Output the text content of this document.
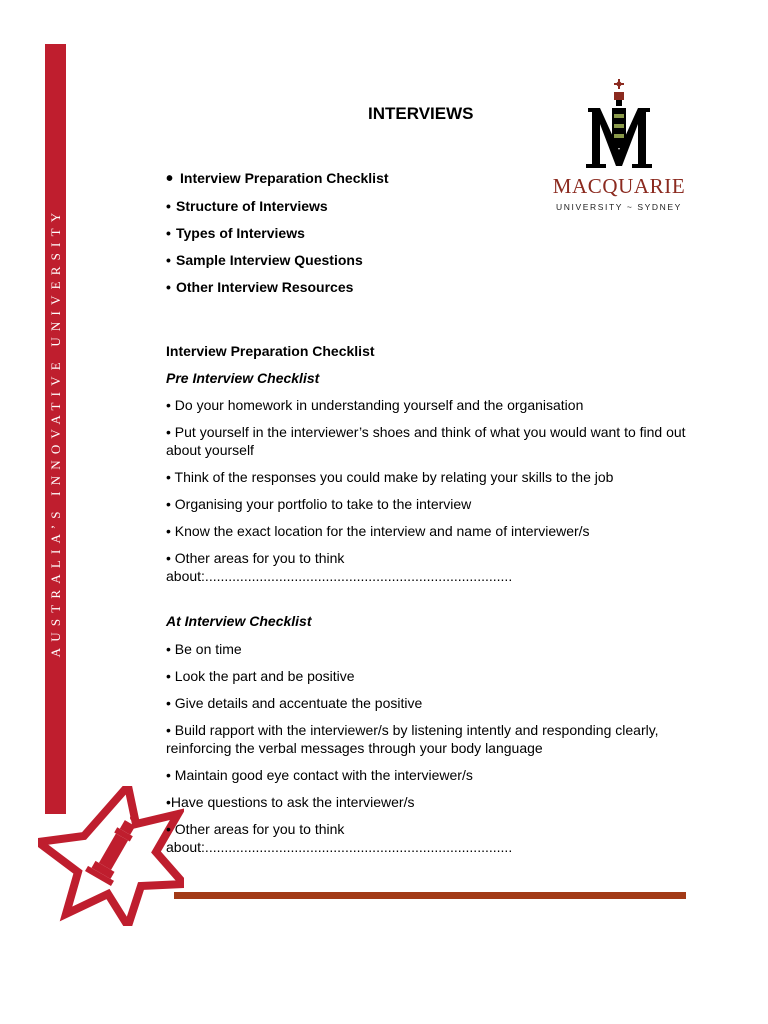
AUSTRALIA’S INNOVATIVE UNIVERSITY
MACQUARIE
UNIVERSITY ~ SYDNEY
INTERVIEWS
• Interview Preparation Checklist
• Structure of Interviews
• Types of Interviews
• Sample Interview Questions
• Other Interview Resources
Interview Preparation Checklist
Pre Interview Checklist
• Do your homework in understanding yourself and the organisation
• Put yourself in the interviewer’s shoes and think of what you would want to find out about yourself
• Think of the responses you could make by relating your skills to the job
• Organising your portfolio to take to the interview
• Know the exact location for the interview and name of interviewer/s
• Other areas for you to think about:...............................................................................
At Interview Checklist
• Be on time
• Look the part and be positive
• Give details and accentuate the positive
• Build rapport with the interviewer/s by listening intently and responding clearly, reinforcing the verbal messages through your body language
• Maintain good eye contact with the interviewer/s
•Have questions to ask the interviewer/s
• Other areas for you to think about:...............................................................................
